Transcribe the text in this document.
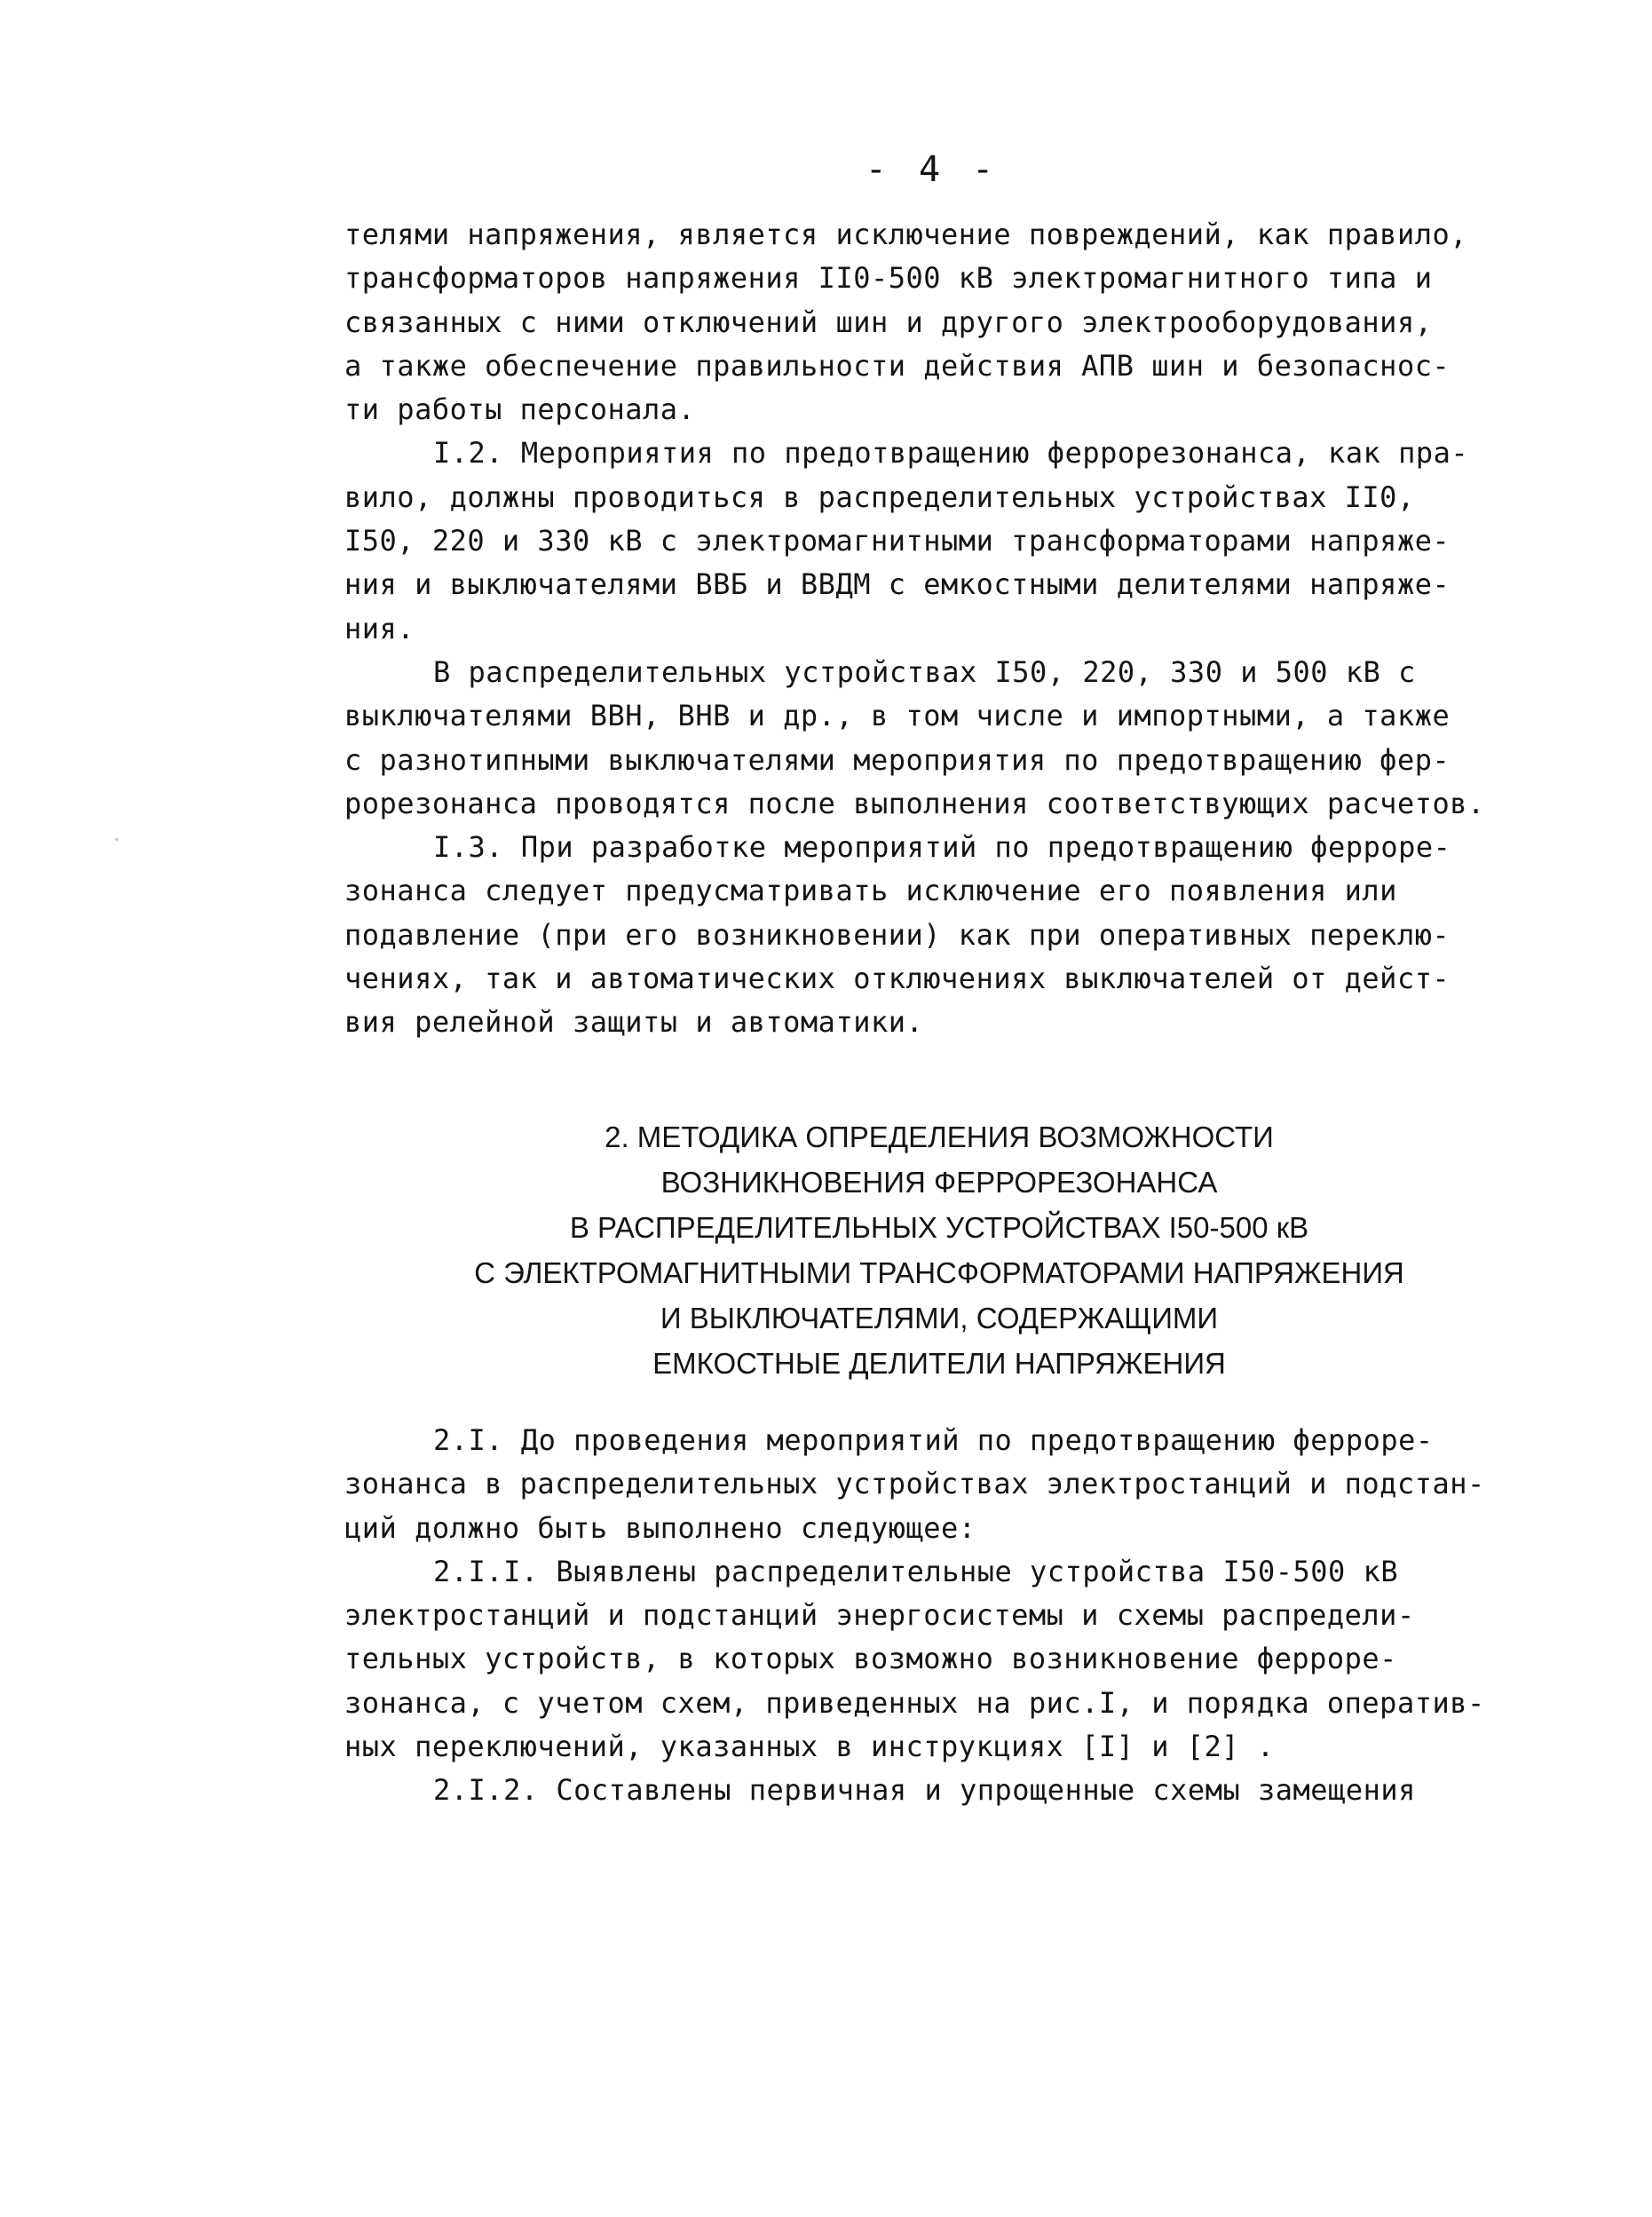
- 4 -
телями напряжения, является исключение повреждений, как правило,
трансформаторов напряжения II0-500 кВ электромагнитного типа и
связанных с ними отключений шин и другого электрооборудования,
а также обеспечение правильности действия АПВ шин и безопаснос-
ти работы персонала.
I.2. Мероприятия по предотвращению феррорезонанса, как пра-
вило, должны проводиться в распределительных устройствах II0,
I50, 220 и 330 кВ с электромагнитными трансформаторами напряже-
ния и выключателями ВВБ и ВВДМ с емкостными делителями напряже-
ния.
В распределительных устройствах I50, 220, 330 и 500 кВ с
выключателями ВВН, ВНВ и др., в том числе и импортными, а также
с разнотипными выключателями мероприятия по предотвращению фер-
рорезонанса проводятся после выполнения соответствующих расчетов.
I.3. При разработке мероприятий по предотвращению ферроре-
зонанса следует предусматривать исключение его появления или
подавление (при его возникновении) как при оперативных переклю-
чениях, так и автоматических отключениях выключателей от дейст-
вия релейной защиты и автоматики.
2. МЕТОДИКА ОПРЕДЕЛЕНИЯ ВОЗМОЖНОСТИ
ВОЗНИКНОВЕНИЯ ФЕРРОРЕЗОНАНСА
В РАСПРЕДЕЛИТЕЛЬНЫХ УСТРОЙСТВАХ I50-500 кВ
С ЭЛЕКТРОМАГНИТНЫМИ ТРАНСФОРМАТОРАМИ НАПРЯЖЕНИЯ
И ВЫКЛЮЧАТЕЛЯМИ, СОДЕРЖАЩИМИ
ЕМКОСТНЫЕ ДЕЛИТЕЛИ НАПРЯЖЕНИЯ
2.I. До проведения мероприятий по предотвращению ферроре-
зонанса в распределительных устройствах электростанций и подстан-
ций должно быть выполнено следующее:
2.I.I. Выявлены распределительные устройства I50-500 кВ
электростанций и подстанций энергосистемы и схемы распредели-
тельных устройств, в которых возможно возникновение ферроре-
зонанса, с учетом схем, приведенных на рис.I, и порядка оператив-
ных переключений, указанных в инструкциях [I] и [2] .
2.I.2. Составлены первичная и упрощенные схемы замещения
